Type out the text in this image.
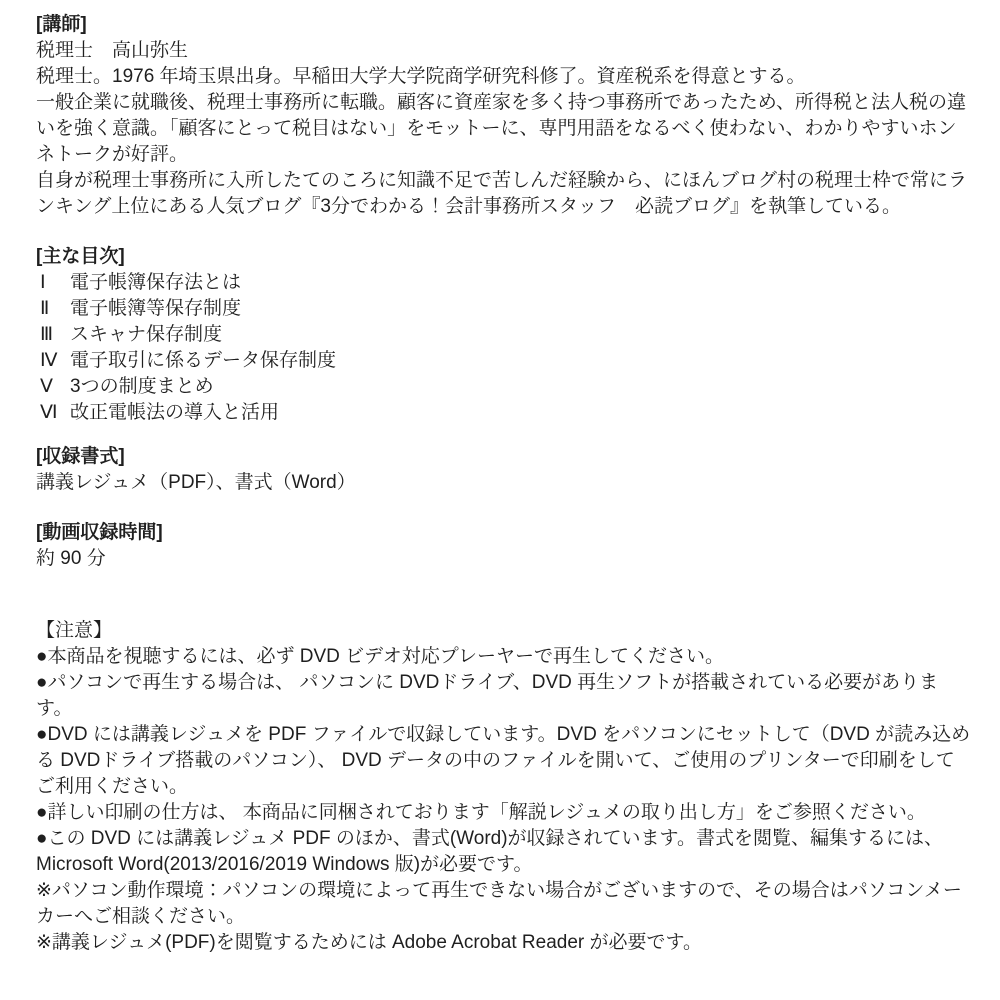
[講師]

税理士　高山弥生

税理士。1976 年埼玉県出身。早稲田大学大学院商学研究科修了。資産税系を得意とする。

一般企業に就職後、税理士事務所に転職。顧客に資産家を多く持つ事務所であったため、所得税と法人税の違いを強く意識。「顧客にとって税目はない」をモットーに、専門用語をなるべく使わない、わかりやすいホンネトークが好評。

自身が税理士事務所に入所したてのころに知識不足で苦しんだ経験から、にほんブログ村の税理士枠で常にランキング上位にある人気ブログ『3分でわかる！会計事務所スタッフ　必読ブログ』を執筆している。

[主な目次]
Ⅰ 電子帳簿保存法とは
Ⅱ 電子帳簿等保存制度
Ⅲ スキャナ保存制度
Ⅳ 電子取引に係るデータ保存制度
Ⅴ 3つの制度まとめ
Ⅵ 改正電帳法の導入と活用
[収録書式]

講義レジュメ（PDF）、書式（Word）

[動画収録時間]

約 90 分

【注意】

●本商品を視聴するには、必ず DVD ビデオ対応プレーヤーで再生してください。

●パソコンで再生する場合は、 パソコンに DVDドライブ、DVD 再生ソフトが搭載されている必要があります。

●DVD には講義レジュメを PDF ファイルで収録しています。DVD をパソコンにセットして（DVD が読み込める DVDドライブ搭載のパソコン）、 DVD データの中のファイルを開いて、ご使用のプリンターで印刷をしてご利用ください。

●詳しい印刷の仕方は、 本商品に同梱されております「解説レジュメの取り出し方」をご参照ください。

●この DVD には講義レジュメ PDF のほか、書式(Word)が収録されています。書式を閲覧、編集するには、 Microsoft Word(2013/2016/2019 Windows 版)が必要です。

※パソコン動作環境：パソコンの環境によって再生できない場合がございますので、その場合はパソコンメーカーへご相談ください。

※講義レジュメ(PDF)を閲覧するためには Adobe Acrobat Reader が必要です。
